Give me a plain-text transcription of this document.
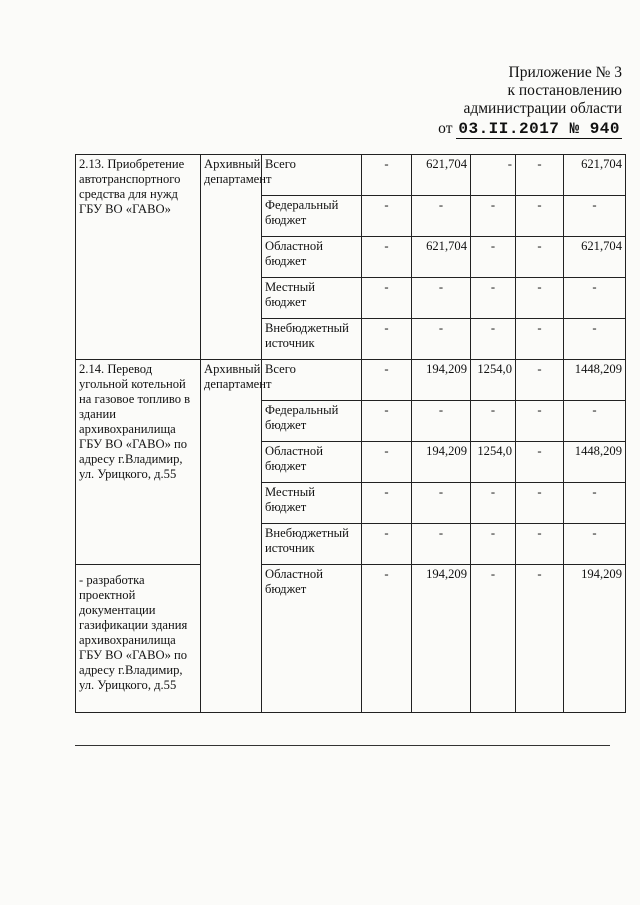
Приложение № 3
к постановлению
администрации области
от 03.II.2017 № 940
2.13. Приобретение автотранспортного средства для нужд ГБУ ВО «ГАВО»	Архивный департамент	Всего	-	621,704	-	-	621,704
		Федеральный бюджет	-	-	-	-	-
		Областной бюджет	-	621,704	-	-	621,704
		Местный бюджет	-	-	-	-	-
		Внебюджетный источник	-	-	-	-	-
2.14. Перевод угольной котельной на газовое топливо в здании архивохранилища ГБУ ВО «ГАВО» по адресу г.Владимир, ул. Урицкого, д.55	Архивный департамент	Всего	-	194,209	1254,0	-	1448,209
		Федеральный бюджет	-	-	-	-	-
		Областной бюджет	-	194,209	1254,0	-	1448,209
		Местный бюджет	-	-	-	-	-
		Внебюджетный источник	-	-	-	-	-
- разработка проектной документации газификации здания архивохранилища ГБУ ВО «ГАВО» по адресу г.Владимир, ул. Урицкого, д.55		Областной бюджет	-	194,209	-	-	194,209
